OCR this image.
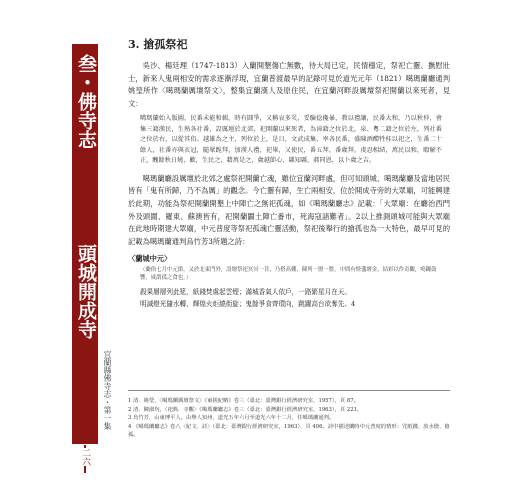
叁・佛寺志
頭城開成寺
宜蘭縣佛寺志・第一集
二六
3. 搶孤祭祀

吳沙、楊廷理（1747-1813）入蘭開墾傷亡無數，待大局已定，民情穩定，祭祀亡靈、撫慰壯士，新來人鬼兩相安的需求逐漸浮現，宜蘭普渡最早的記錄可見於道光元年（1821）噶瑪蘭廳通判姚瑩所作〈噶瑪蘭厲壇祭文〉，整集宜蘭漢人及原住民，在宜蘭河畔設厲壇祭祀開蘭以來死者，見文：

噶瑪蘭始入版圖，民番未能和輯，時有鬪爭，又稱哀多災，妥驗捻攙暴，教以禮讓，民番大和，乃以秋仲，會集三籍漢民，生熟各社番，設厲壇於北郊，祀開蘭以來死者，為漳籍之位於北，泉、粵二籍之位於左，列社番之位於右，以從其俗。越雄為之主，列位於上，是日，文武成集，率各民番，盛陳酒醴牲桂以祀之，生番二十餘人，社番亦與衣冠，隨眾跪拜，加漢人禮，祀畢，又使民，番五拜，番歲拜，虔忍相結，萬民以和，瞭解不正，醜餘秋日燒，歡，生民之，藉萬是之，歲越節心，縣知縣，郝同恩，以卜歲之吉。

噶瑪蘭廳設厲壇於北郊之處祭祀開蘭亡魂，雖位宜蘭河畔處，但可知頭城、噶瑪蘭廳及當地居民皆有「鬼有所歸，乃不為厲」的觀念。今亡靈有歸，生亡兩相安，位於開成寺旁的大眾廟，可能興建於此期，功能為祭祀開蘭開墾上中陣亡之無祀孤魂，如《噶瑪蘭廳志》記載：「大眾廟：在廳治西門外及頭圍、羅東、蘇澳皆有，祀開蘭闢土陣亡番市，死海寇諸難者」。2以上推測頭城可能與大眾廟在此地時期建大眾廟，中元普度等祭祀孤魂亡靈活動，祭祀後舉行的搶孤也為一大特色，最早可見的記載為噶瑪蘭通判烏竹芳3所題之詩：

〈蘭城中元〉

（蘭俗七月中元節，又於北東門外，設壇祭祀冥冥一昔，乃搭高棚，陳列一盤一盤，中間有燈盞壇金，結彩以作奇觀，鳴鑼鼓響，咸謂孤之食也。）

殺果層層列此筵，紙錢焚處起雲煙；滿城香氣人依戶，一路繁星月在天。

明滅燈光隨水轉，輝煌火炬繞街旋；鬼餘爭食齊環向，跳躍高台欲奪先。4

1 清．姚瑩，〈噶瑪蘭厲壇祭文〉《東槎紀略》卷三（臺北：臺灣銀行經濟研究室，1957），頁 87。

2 清．陳淑均，〈祀典．寺觀〉《噶瑪蘭廳志》卷三（臺北：臺灣銀行經濟研究室，1963），頁 221。

3 烏竹芳，山東博平人，由舉人知州，道光五年六月至道光六年十二月，任噶瑪蘭通判。

4 《噶瑪蘭廳志》卷八〈紀文．詩〉（臺北：臺灣銀行經濟研究室，1963），頁 406。詩中描述蘭時中元普度的情形：咒紙錢、放水燈、搶孤。
